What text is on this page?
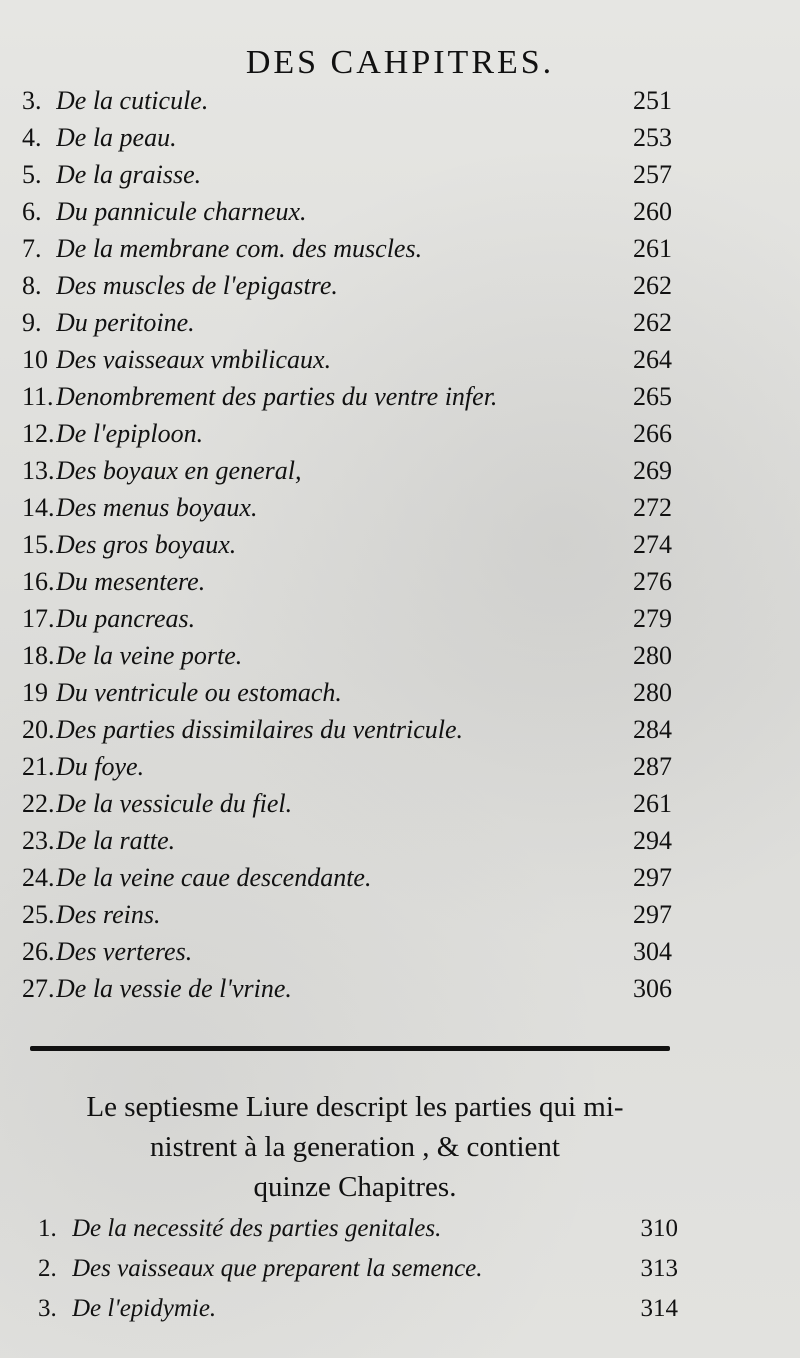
DES CAHPITRES.
3. De la cuticule.	251
4. De la peau.	253
5. De la graisse.	257
6. Du pannicule charneux.	260
7. De la membrane com. des muscles.	261
8. Des muscles de l'epigastre.	262
9. Du peritoine.	262
10 Des vaisseaux vmbilicaux.	264
11. Denombrement des parties du ventre infer.	265
12. De l'epiploon.	266
13. Des boyaux en general,	269
14. Des menus boyaux.	272
15. Des gros boyaux.	274
16. Du mesentere.	276
17. Du pancreas.	279
18. De la veine porte.	280
19 Du ventricule ou estomach.	280
20. Des parties dissimilaires du ventricule.	284
21. Du foye.	287
22. De la vessicule du fiel.	261
23. De la ratte.	294
24. De la veine caue descendante.	297
25. Des reins.	297
26. Des verteres.	304
27. De la vessie de l'vrine.	306
Le septiesme Liure descript les parties qui mi-
nistrent à la generation , & contient
quinze Chapitres.
1. De la necessité des parties genitales.	310
2. Des vaisseaux que preparent la semence.	313
3. De l'epidymie.	314
